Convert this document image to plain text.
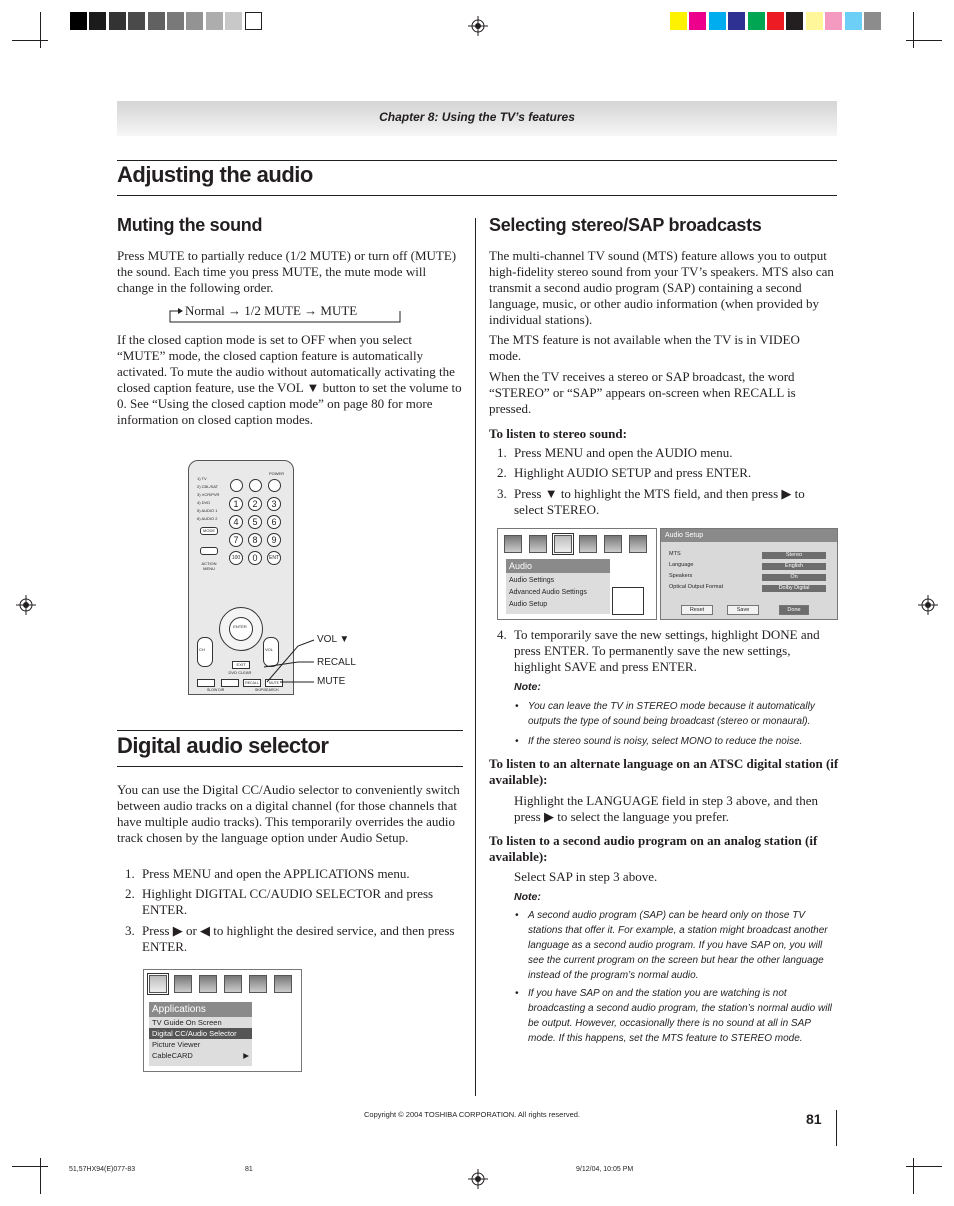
Chapter 8: Using the TV’s features
Adjusting the audio
Muting the sound
Press MUTE to partially reduce (1/2 MUTE) or turn off (MUTE) the sound. Each time you press MUTE, the mute mode will change in the following order.
Normal → 1/2 MUTE → MUTE
If the closed caption mode is set to OFF when you select “MUTE” mode, the closed caption feature is automatically activated. To mute the audio without automatically activating the closed caption feature, use the VOL ▼ button to set the volume to 0. See “Using the closed caption mode” on page 80 for more information on closed caption modes.
POWER
1) TV
2) CBL/SAT
3) VCR/PVR
4) DVD
5) AUDIO 1
6) AUDIO 2
MODE
1	2	3
4	5	6
7	8	9
100	0	ENT
ACTION MENU
ENTER
CH	VOL
EXIT
DVD CLEAR
RECALL	MUTE
SLOW DIR	SKIP/SEARCH
VOL ▼
RECALL
MUTE
Digital audio selector
You can use the Digital CC/Audio selector to conveniently switch between audio tracks on a digital channel (for those channels that have multiple audio tracks). This temporarily overrides the audio track chosen by the language option under Audio Setup.
1. Press MENU and open the APPLICATIONS menu.
2. Highlight DIGITAL CC/AUDIO SELECTOR and press ENTER.
3. Press ▶ or ◀ to highlight the desired service, and then press ENTER.
Applications
TV Guide On Screen
Digital CC/Audio Selector
Picture Viewer
CableCARD	▶
Selecting stereo/SAP broadcasts
The multi-channel TV sound (MTS) feature allows you to output high-fidelity stereo sound from your TV’s speakers. MTS also can transmit a second audio program (SAP) containing a second language, music, or other audio information (when provided by individual stations).
The MTS feature is not available when the TV is in VIDEO mode.
When the TV receives a stereo or SAP broadcast, the word “STEREO” or “SAP” appears on-screen when RECALL is pressed.
To listen to stereo sound:
1. Press MENU and open the AUDIO menu.
2. Highlight AUDIO SETUP and press ENTER.
3. Press ▼ to highlight the MTS field, and then press ▶ to select STEREO.
Audio
Audio Settings
Advanced Audio Settings
Audio Setup
Audio Setup
MTS	Stereo
Language	English
Speakers	On
Optical Output Format	Dolby Digital
Reset	Save	Done
4. To temporarily save the new settings, highlight DONE and press ENTER. To permanently save the new settings, highlight SAVE and press ENTER.
Note:
• You can leave the TV in STEREO mode because it automatically outputs the type of sound being broadcast (stereo or monaural).
• If the stereo sound is noisy, select MONO to reduce the noise.
To listen to an alternate language on an ATSC digital station (if available):
Highlight the LANGUAGE field in step 3 above, and then press ▶ to select the language you prefer.
To listen to a second audio program on an analog station (if available):
Select SAP in step 3 above.
Note:
• A second audio program (SAP) can be heard only on those TV stations that offer it. For example, a station might broadcast another language as a second audio program. If you have SAP on, you will see the current program on the screen but hear the other language instead of the program’s normal audio.
• If you have SAP on and the station you are watching is not broadcasting a second audio program, the station’s normal audio will be output. However, occasionally there is no sound at all in SAP mode. If this happens, set the MTS feature to STEREO mode.
Copyright © 2004 TOSHIBA CORPORATION. All rights reserved.	81
51,57HX94(E)077-83	81	9/12/04, 10:05 PM
